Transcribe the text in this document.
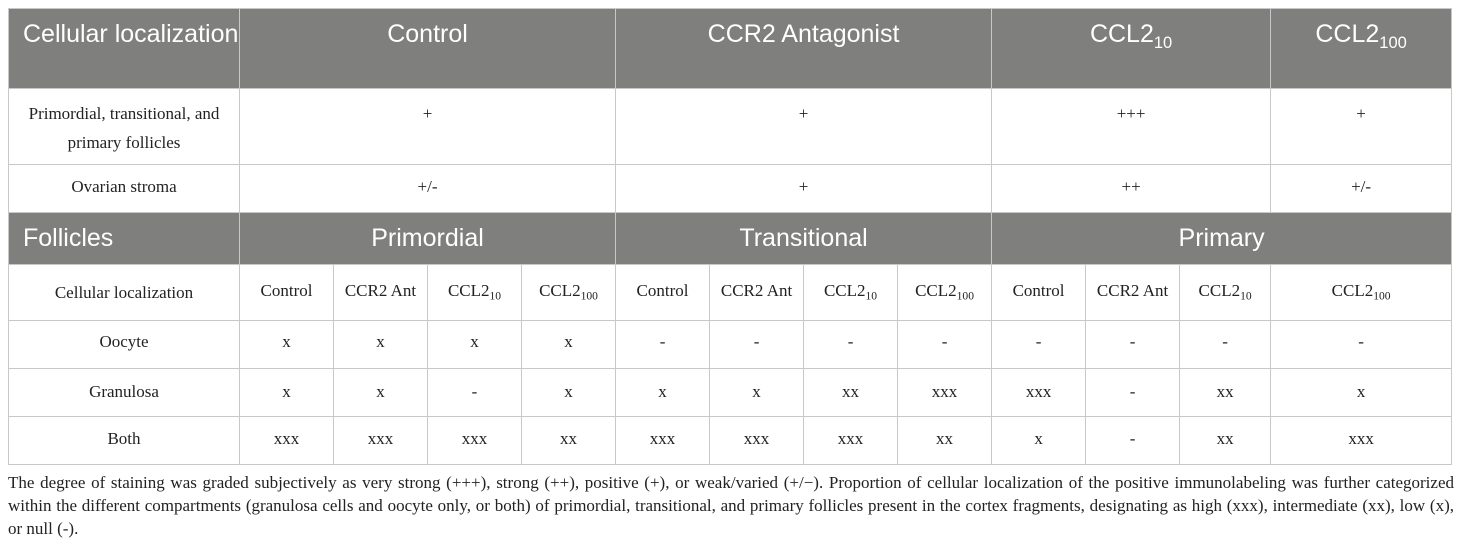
Cellular localization	Control				CCR2 Antagonist				$CCL2_{10}$			$CCL2_{100}$
Primordial, transitional, and primary follicles	+				+				+++			+
Ovarian stroma	+/-				+				++			+/-
Follicles	Primordial				Transitional				Primary			
Cellular localization	Control	CCR2 Ant	$CCL2_{10}$	$CCL2_{100}$	Control	CCR2 Ant	$CCL2_{10}$	$CCL2_{100}$	Control	CCR2 Ant	$CCL2_{10}$	$CCL2_{100}$
Oocyte	x	x	x	x	-	-	-	-	-	-	-	-
Granulosa	x	x	-	x	x	x	xx	xxx	xxx	-	xx	x
Both	xxx	xxx	xxx	xx	xxx	xxx	xxx	xx	x	-	xx	xxx

The degree of staining was graded subjectively as very strong (+++), strong (++), positive (+), or weak/varied (+/−). Proportion of cellular localization of the positive immunolabeling was further categorized within the different compartments (granulosa cells and oocyte only, or both) of primordial, transitional, and primary follicles present in the cortex fragments, designating as high (xxx), intermediate (xx), low (x), or null (-).
